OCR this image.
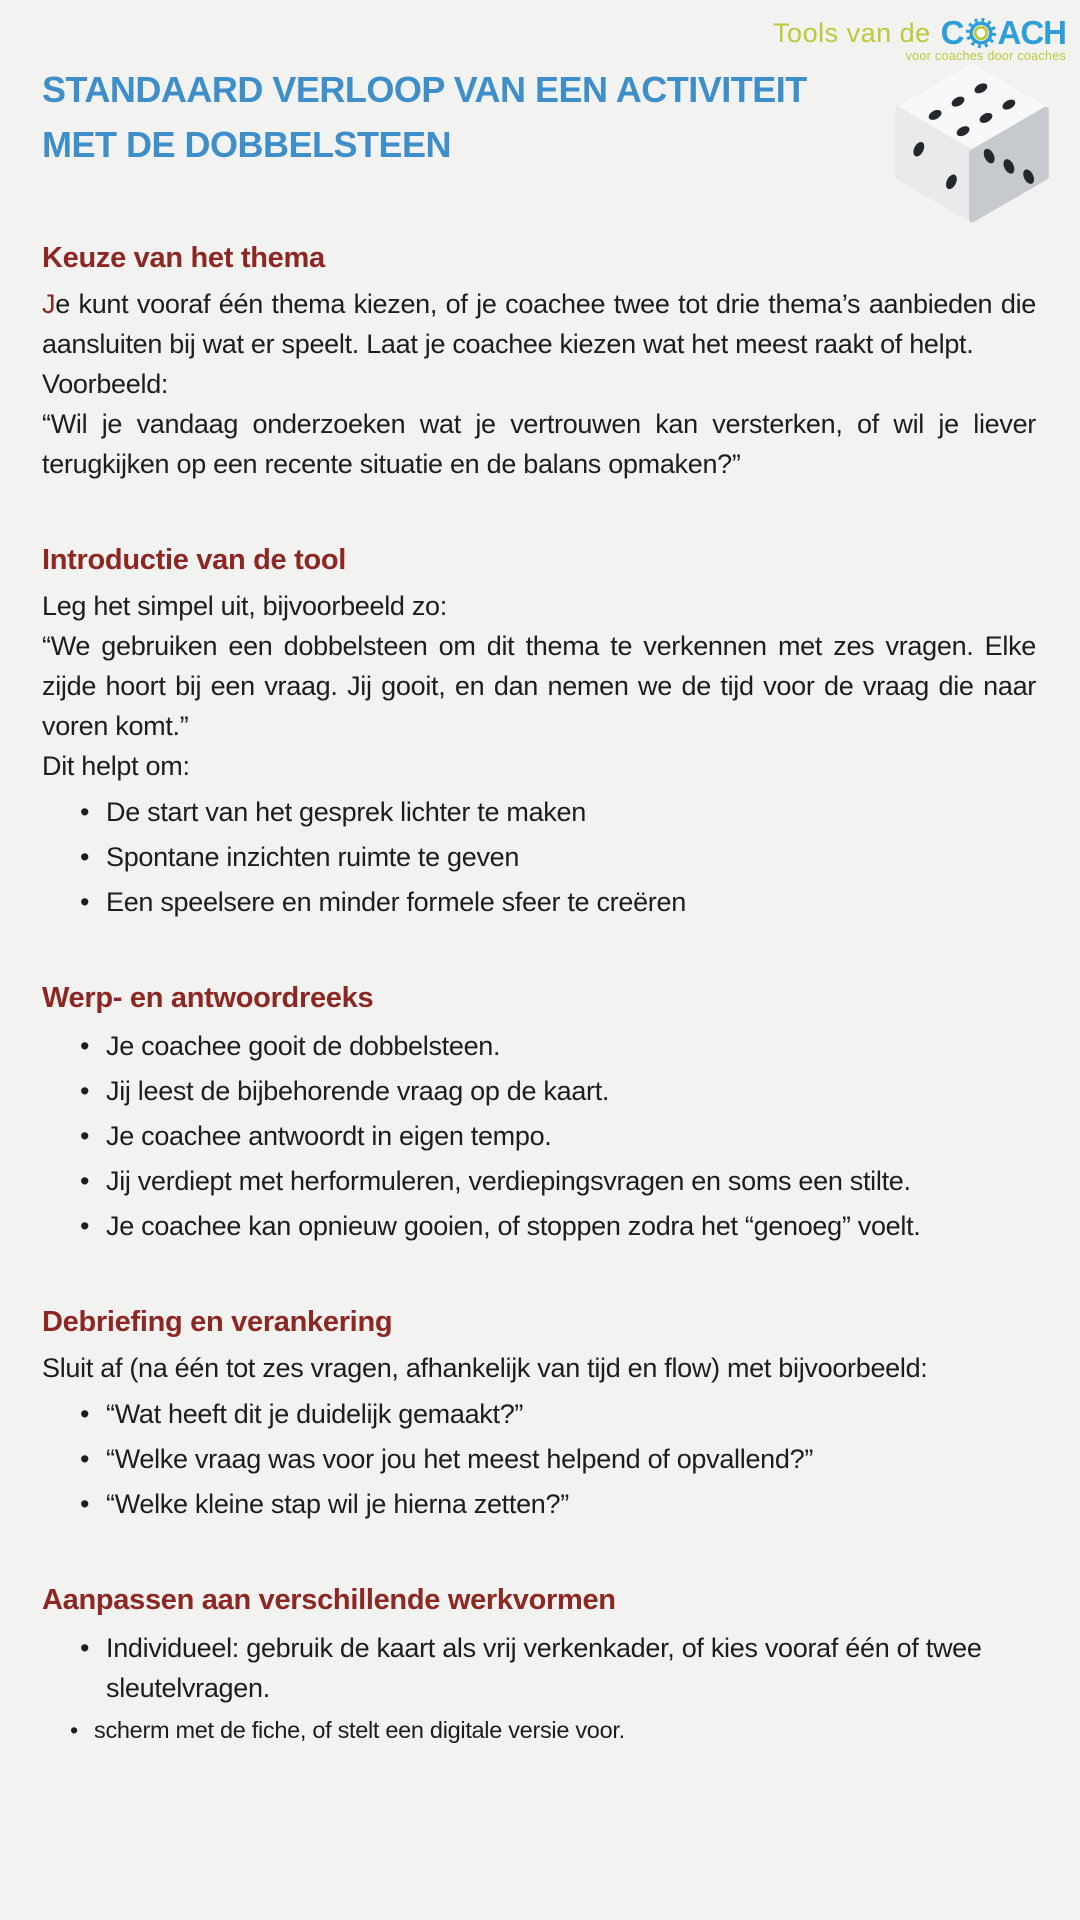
Tools van de C ACH
voor coaches door coaches
STANDAARD VERLOOP VAN EEN ACTIVITEIT
MET DE DOBBELSTEEN
Keuze van het thema

Je kunt vooraf één thema kiezen, of je coachee twee tot drie thema’s aanbieden die aansluiten bij wat er speelt. Laat je coachee kiezen wat het meest raakt of helpt.

Voorbeeld:

“Wil je vandaag onderzoeken wat je vertrouwen kan versterken, of wil je liever terugkijken op een recente situatie en de balans opmaken?”

Introductie van de tool

Leg het simpel uit, bijvoorbeeld zo:

“We gebruiken een dobbelsteen om dit thema te verkennen met zes vragen. Elke zijde hoort bij een vraag. Jij gooit, en dan nemen we de tijd voor de vraag die naar voren komt.”

Dit helpt om:

• De start van het gesprek lichter te maken
• Spontane inzichten ruimte te geven
• Een speelsere en minder formele sfeer te creëren
Werp- en antwoordreeks
• Je coachee gooit de dobbelsteen.
• Jij leest de bijbehorende vraag op de kaart.
• Je coachee antwoordt in eigen tempo.
• Jij verdiept met herformuleren, verdiepingsvragen en soms een stilte.
• Je coachee kan opnieuw gooien, of stoppen zodra het “genoeg” voelt.
Debriefing en verankering

Sluit af (na één tot zes vragen, afhankelijk van tijd en flow) met bijvoorbeeld:

• “Wat heeft dit je duidelijk gemaakt?”
• “Welke vraag was voor jou het meest helpend of opvallend?”
• “Welke kleine stap wil je hierna zetten?”
Aanpassen aan verschillende werkvormen
• Individueel: gebruik de kaart als vrij verkenkader, of kies vooraf één of twee sleutelvragen.
• scherm met de fiche, of stelt een digitale versie voor.
